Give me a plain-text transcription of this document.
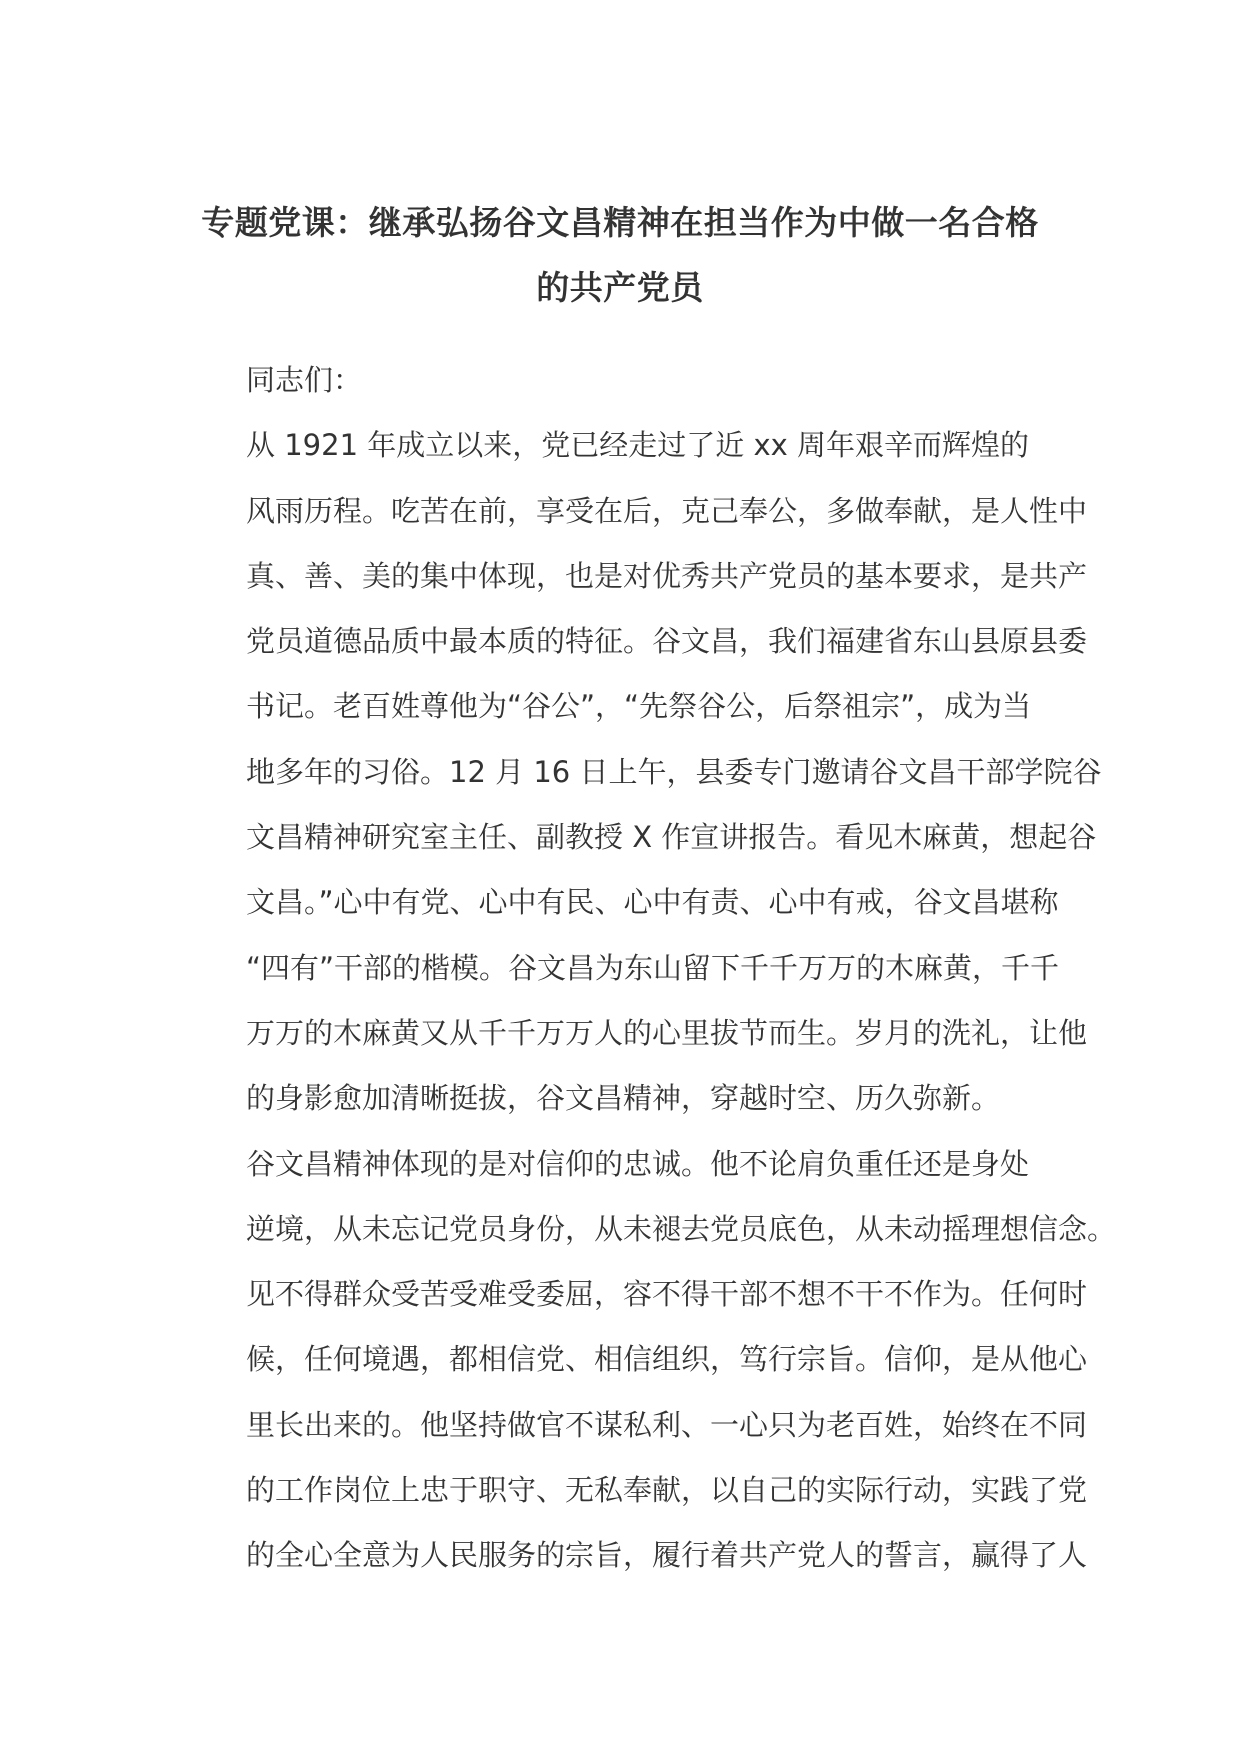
专题党课：继承弘扬谷文昌精神在担当作为中做一名合格
的共产党员

同志们：

从 1921 年成立以来，党已经走过了近 xx 周年艰辛而辉煌的
风雨历程。吃苦在前，享受在后，克己奉公，多做奉献，是人性中
真、善、美的集中体现，也是对优秀共产党员的基本要求，是共产
党员道德品质中最本质的特征。谷文昌，我们福建省东山县原县委
书记。老百姓尊他为“谷公”，“先祭谷公，后祭祖宗”，成为当
地多年的习俗。12 月 16 日上午，县委专门邀请谷文昌干部学院谷
文昌精神研究室主任、副教授 X 作宣讲报告。看见木麻黄，想起谷
文昌。”心中有党、心中有民、心中有责、心中有戒，谷文昌堪称
“四有”干部的楷模。谷文昌为东山留下千千万万的木麻黄，千千
万万的木麻黄又从千千万万人的心里拔节而生。岁月的洗礼，让他
的身影愈加清晰挺拔，谷文昌精神，穿越时空、历久弥新。

谷文昌精神体现的是对信仰的忠诚。他不论肩负重任还是身处
逆境，从未忘记党员身份，从未褪去党员底色，从未动摇理想信念。
见不得群众受苦受难受委屈，容不得干部不想不干不作为。任何时
候，任何境遇，都相信党、相信组织，笃行宗旨。信仰，是从他心
里长出来的。他坚持做官不谋私利、一心只为老百姓，始终在不同
的工作岗位上忠于职守、无私奉献，以自己的实际行动，实践了党
的全心全意为人民服务的宗旨，履行着共产党人的誓言，赢得了人
